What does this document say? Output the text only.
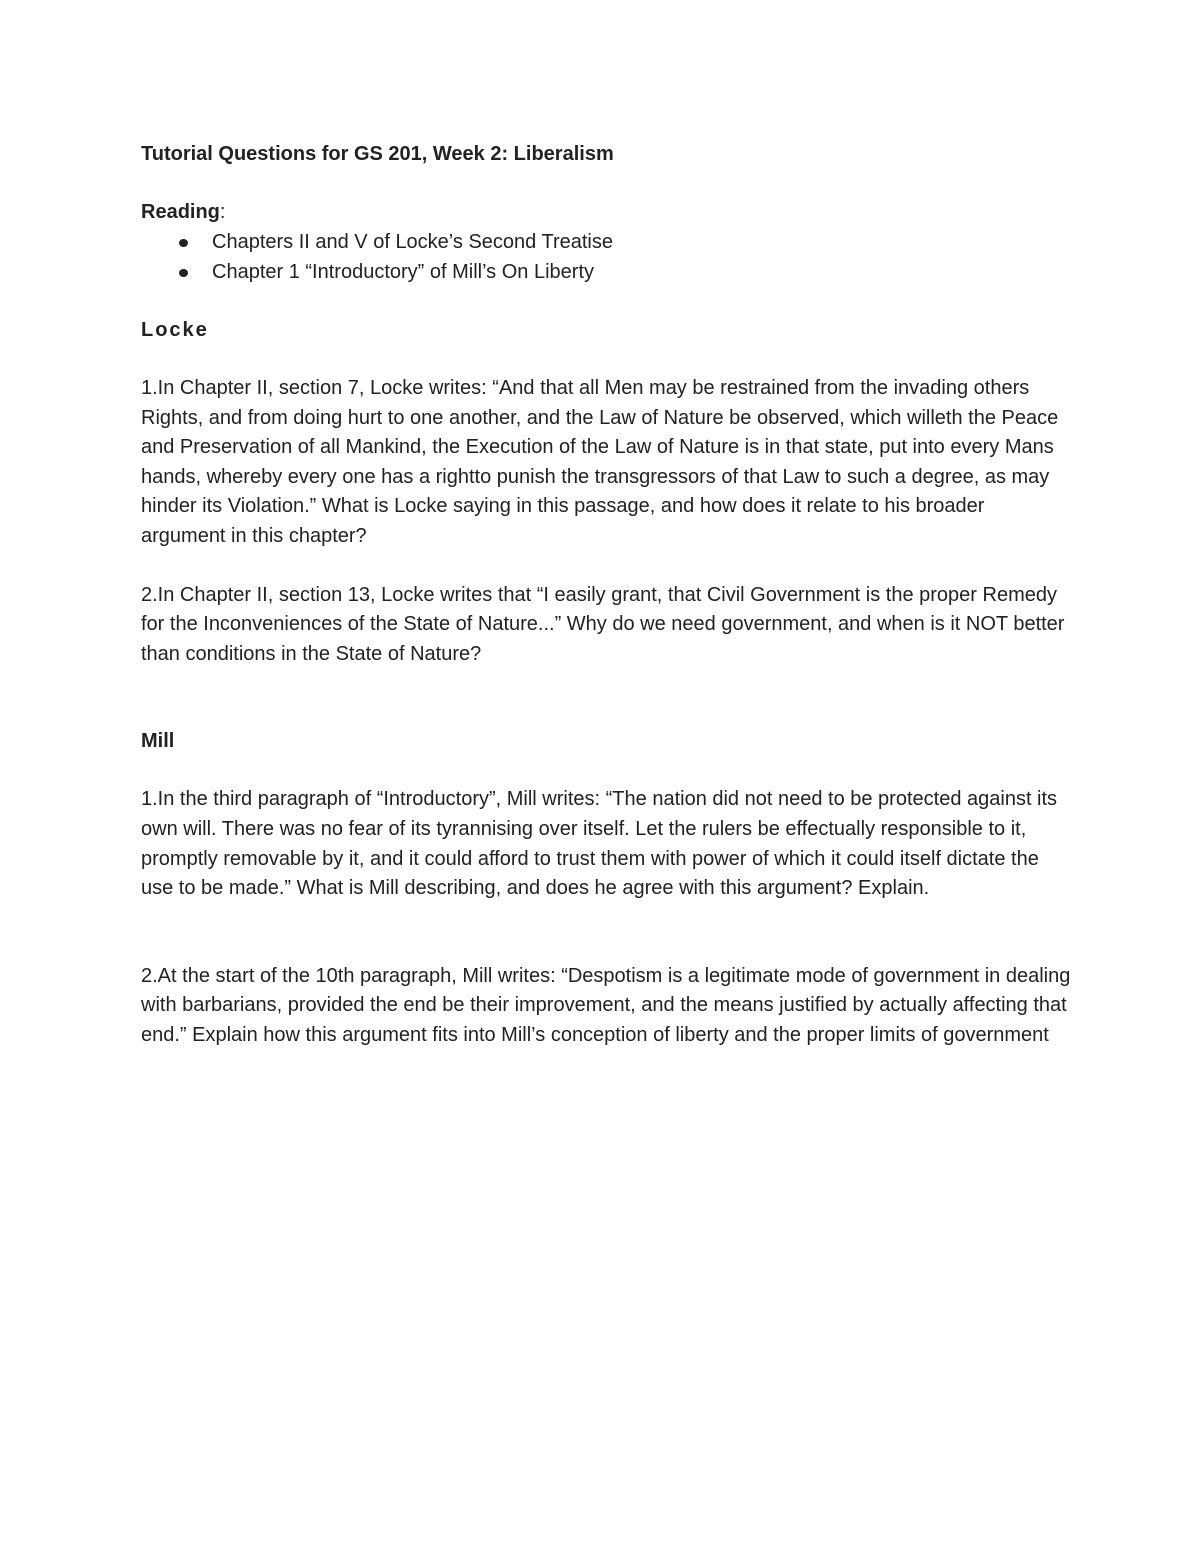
Tutorial Questions for GS 201, Week 2: Liberalism
Reading:
Chapters II and V of Locke’s Second Treatise
Chapter 1 “Introductory” of Mill’s On Liberty
Locke

1.In Chapter II, section 7, Locke writes: “And that all Men may be restrained from the invading others Rights, and from doing hurt to one another, and the Law of Nature be observed, which willeth the Peace and Preservation of all Mankind, the Execution of the Law of Nature is in that state, put into every Mans hands, whereby every one has a rightto punish the transgressors of that Law to such a degree, as may hinder its Violation.” What is Locke saying in this passage, and how does it relate to his broader argument in this chapter?

2.In Chapter II, section 13, Locke writes that “I easily grant, that Civil Government is the proper Remedy for the Inconveniences of the State of Nature...” Why do we need government, and when is it NOT better than conditions in the State of Nature?

Mill

1.In the third paragraph of “Introductory”, Mill writes: “The nation did not need to be protected against its own will. There was no fear of its tyrannising over itself. Let the rulers be effectually responsible to it, promptly removable by it, and it could afford to trust them with power of which it could itself dictate the use to be made.” What is Mill describing, and does he agree with this argument? Explain.

2.At the start of the 10th paragraph, Mill writes: “Despotism is a legitimate mode of government in dealing with barbarians, provided the end be their improvement, and the means justified by actually affecting that end.” Explain how this argument fits into Mill’s conception of liberty and the proper limits of government
